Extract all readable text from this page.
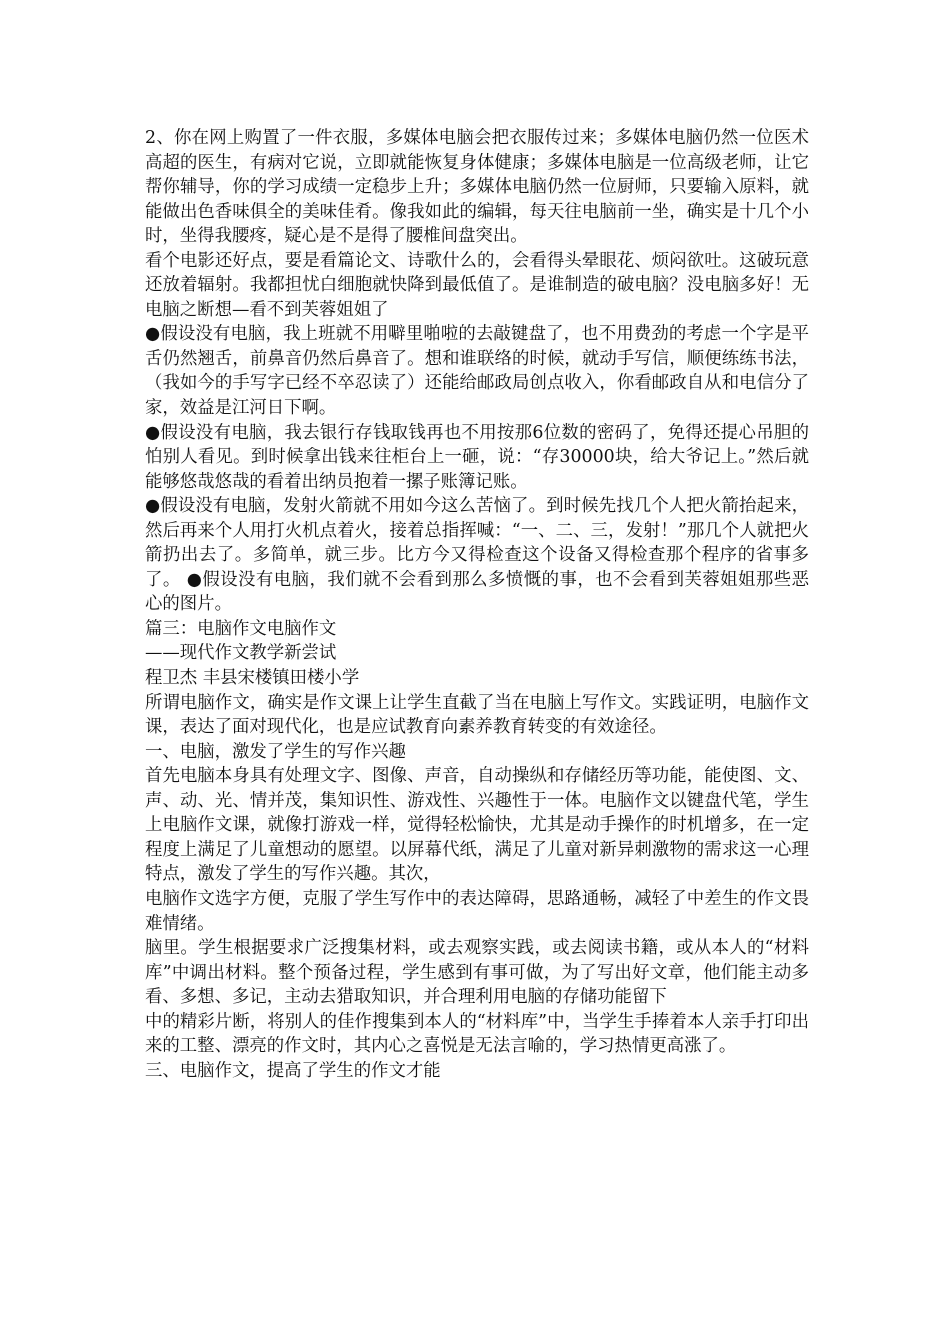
2、你在网上购置了一件衣服，多媒体电脑会把衣服传过来；多媒体电脑仍然一位医术高超的医生，有病对它说，立即就能恢复身体健康；多媒体电脑是一位高级老师，让它帮你辅导，你的学习成绩一定稳步上升；多媒体电脑仍然一位厨师，只要输入原料，就能做出色香味俱全的美味佳肴。像我如此的编辑，每天往电脑前一坐，确实是十几个小时，坐得我腰疼，疑心是不是得了腰椎间盘突出。

看个电影还好点，要是看篇论文、诗歌什么的，会看得头晕眼花、烦闷欲吐。这破玩意还放着辐射。我都担忧白细胞就快降到最低值了。是谁制造的破电脑？没电脑多好！无电脑之断想—看不到芙蓉姐姐了

●假设没有电脑，我上班就不用噼里啪啦的去敲键盘了，也不用费劲的考虑一个字是平舌仍然翘舌，前鼻音仍然后鼻音了。想和谁联络的时候，就动手写信，顺便练练书法，（我如今的手写字已经不卒忍读了）还能给邮政局创点收入，你看邮政自从和电信分了家，效益是江河日下啊。

●假设没有电脑，我去银行存钱取钱再也不用按那6位数的密码了，免得还提心吊胆的怕别人看见。到时候拿出钱来往柜台上一砸，说：“存30000块，给大爷记上。”然后就能够悠哉悠哉的看着出纳员抱着一摞子账簿记账。

●假设没有电脑，发射火箭就不用如今这么苦恼了。到时候先找几个人把火箭抬起来，然后再来个人用打火机点着火，接着总指挥喊：“一、二、三，发射！”那几个人就把火箭扔出去了。多简单，就三步。比方今又得检查这个设备又得检查那个程序的省事多了。 ●假设没有电脑，我们就不会看到那么多愤慨的事，也不会看到芙蓉姐姐那些恶心的图片。

篇三：电脑作文电脑作文

——现代作文教学新尝试

程卫杰 丰县宋楼镇田楼小学

所谓电脑作文，确实是作文课上让学生直截了当在电脑上写作文。实践证明，电脑作文课，表达了面对现代化，也是应试教育向素养教育转变的有效途径。

一、电脑，激发了学生的写作兴趣

首先电脑本身具有处理文字、图像、声音，自动操纵和存储经历等功能，能使图、文、声、动、光、情并茂，集知识性、游戏性、兴趣性于一体。电脑作文以键盘代笔，学生上电脑作文课，就像打游戏一样，觉得轻松愉快，尤其是动手操作的时机增多，在一定程度上满足了儿童想动的愿望。以屏幕代纸，满足了儿童对新异刺激物的需求这一心理特点，激发了学生的写作兴趣。其次，

电脑作文选字方便，克服了学生写作中的表达障碍，思路通畅，减轻了中差生的作文畏难情绪。

脑里。学生根据要求广泛搜集材料，或去观察实践，或去阅读书籍，或从本人的“材料库”中调出材料。整个预备过程，学生感到有事可做，为了写出好文章，他们能主动多看、多想、多记，主动去猎取知识，并合理利用电脑的存储功能留下

中的精彩片断，将别人的佳作搜集到本人的“材料库”中，当学生手捧着本人亲手打印出来的工整、漂亮的作文时，其内心之喜悦是无法言喻的，学习热情更高涨了。

三、电脑作文，提高了学生的作文才能
